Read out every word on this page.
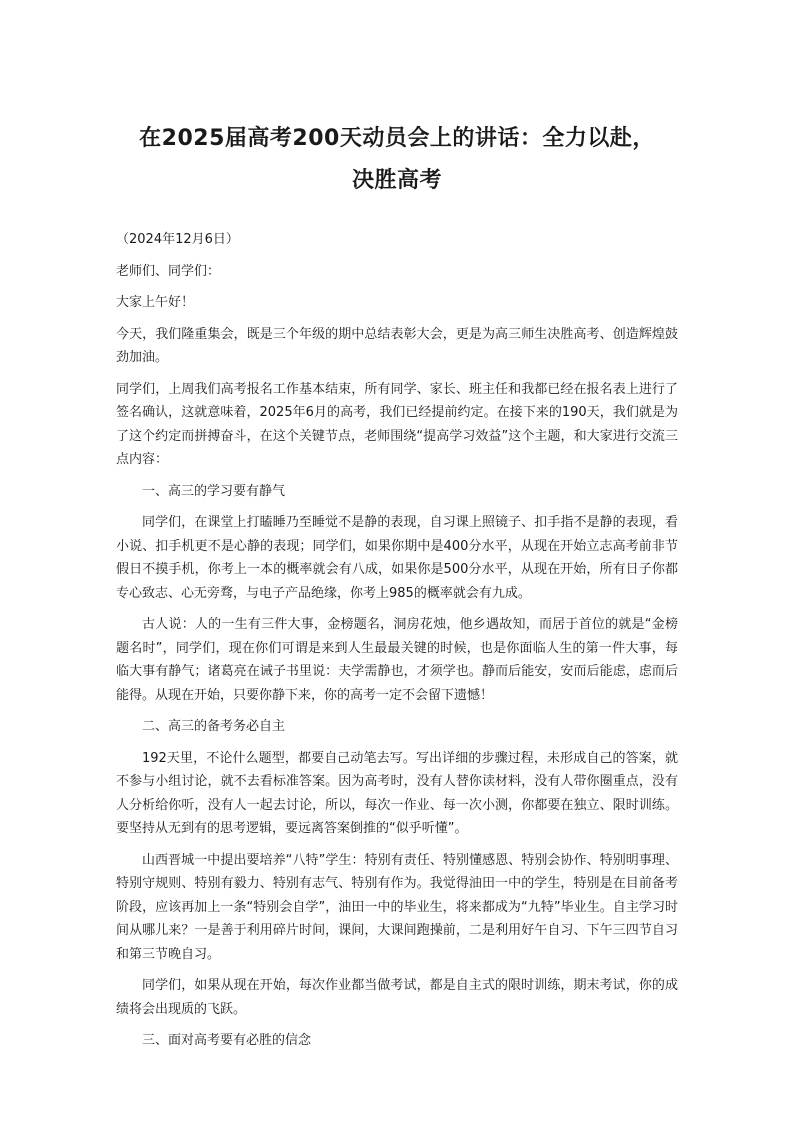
在2025届高考200天动员会上的讲话：全力以赴，
决胜高考

（2024年12月6日）

老师们、同学们：

大家上午好！

今天，我们隆重集会，既是三个年级的期中总结表彰大会，更是为高三师生决胜高考、创造辉煌鼓劲加油。

同学们，上周我们高考报名工作基本结束，所有同学、家长、班主任和我都已经在报名表上进行了签名确认，这就意味着，2025年6月的高考，我们已经提前约定。在接下来的190天，我们就是为了这个约定而拼搏奋斗，在这个关键节点，老师围绕“提高学习效益”这个主题，和大家进行交流三点内容：

一、高三的学习要有静气

同学们，在课堂上打瞌睡乃至睡觉不是静的表现，自习课上照镜子、扣手指不是静的表现，看小说、扣手机更不是心静的表现；同学们，如果你期中是400分水平，从现在开始立志高考前非节假日不摸手机，你考上一本的概率就会有八成，如果你是500分水平，从现在开始，所有日子你都专心致志、心无旁骛，与电子产品绝缘，你考上985的概率就会有九成。

古人说：人的一生有三件大事，金榜题名，洞房花烛，他乡遇故知，而居于首位的就是“金榜题名时”，同学们，现在你们可谓是来到人生最最关键的时候，也是你面临人生的第一件大事，每临大事有静气；诸葛亮在诫子书里说：夫学需静也，才须学也。静而后能安，安而后能虑，虑而后能得。从现在开始，只要你静下来，你的高考一定不会留下遗憾！

二、高三的备考务必自主

192天里，不论什么题型，都要自己动笔去写。写出详细的步骤过程，未形成自己的答案，就不参与小组讨论，就不去看标准答案。因为高考时，没有人替你读材料，没有人带你圈重点，没有人分析给你听，没有人一起去讨论，所以，每次一作业、每一次小测，你都要在独立、限时训练。要坚持从无到有的思考逻辑，要远离答案倒推的“似乎听懂”。

山西晋城一中提出要培养“八特”学生：特别有责任、特别懂感恩、特别会协作、特别明事理、特别守规则、特别有毅力、特别有志气、特别有作为。我觉得油田一中的学生，特别是在目前备考阶段，应该再加上一条“特别会自学”，油田一中的毕业生，将来都成为“九特”毕业生。自主学习时间从哪儿来？一是善于利用碎片时间，课间，大课间跑操前，二是利用好午自习、下午三四节自习和第三节晚自习。

同学们，如果从现在开始，每次作业都当做考试，都是自主式的限时训练，期末考试，你的成绩将会出现质的飞跃。

三、面对高考要有必胜的信念
